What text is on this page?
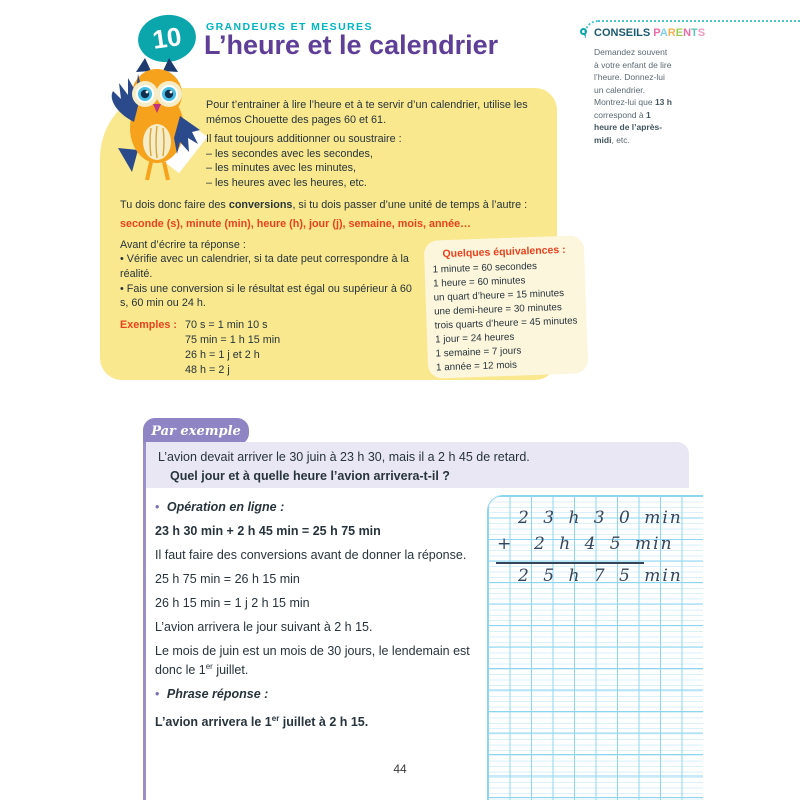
10	GRANDEURS ET MESURES
L’heure et le calendrier	CONSEILS PARENTS
Demandez souvent à votre enfant de lire l’heure. Donnez-lui un calendrier. Montrez-lui que 13 h correspond à 1 heure de l’après-midi, etc.

Pour t’entrainer à lire l’heure et à te servir d’un calendrier, utilise les mémos Chouette des pages 60 et 61.

Il faut toujours additionner ou soustraire :
– les secondes avec les secondes,
– les minutes avec les minutes,
– les heures avec les heures, etc.

Tu dois donc faire des conversions, si tu dois passer d’une unité de temps à l’autre :

seconde (s), minute (min), heure (h), jour (j), semaine, mois, année…

Avant d’écrire ta réponse :

• Vérifie avec un calendrier, si ta date peut correspondre à la réalité.
• Fais une conversion si le résultat est égal ou supérieur à 60 s, 60 min ou 24 h.
Exemples : 70 s = 1 min 10 s
75 min = 1 h 15 min
26 h = 1 j et 2 h
48 h = 2 j
Quelques équivalences :
1 minute = 60 secondes
1 heure = 60 minutes
un quart d’heure = 15 minutes
une demi-heure = 30 minutes
trois quarts d’heure = 45 minutes
1 jour = 24 heures
1 semaine = 7 jours
1 année = 12 mois
Par exemple
L’avion devait arriver le 30 juin à 23 h 30, mais il a 2 h 45 de retard.
Quel jour et à quelle heure l’avion arrivera-t-il ?

• Opération en ligne :

23 h 30 min + 2 h 45 min = 25 h 75 min

Il faut faire des conversions avant de donner la réponse.

25 h 75 min = 26 h 15 min

26 h 15 min = 1 j 2 h 15 min

L’avion arrivera le jour suivant à 2 h 15.

Le mois de juin est un mois de 30 jours, le lendemain est donc le 1er juillet.

• Phrase réponse :

L’avion arrivera le 1er juillet à 2 h 15.

2 3 h 3 0 min
+ 2 h 4 5 min
2 5 h 7 5 min
44
